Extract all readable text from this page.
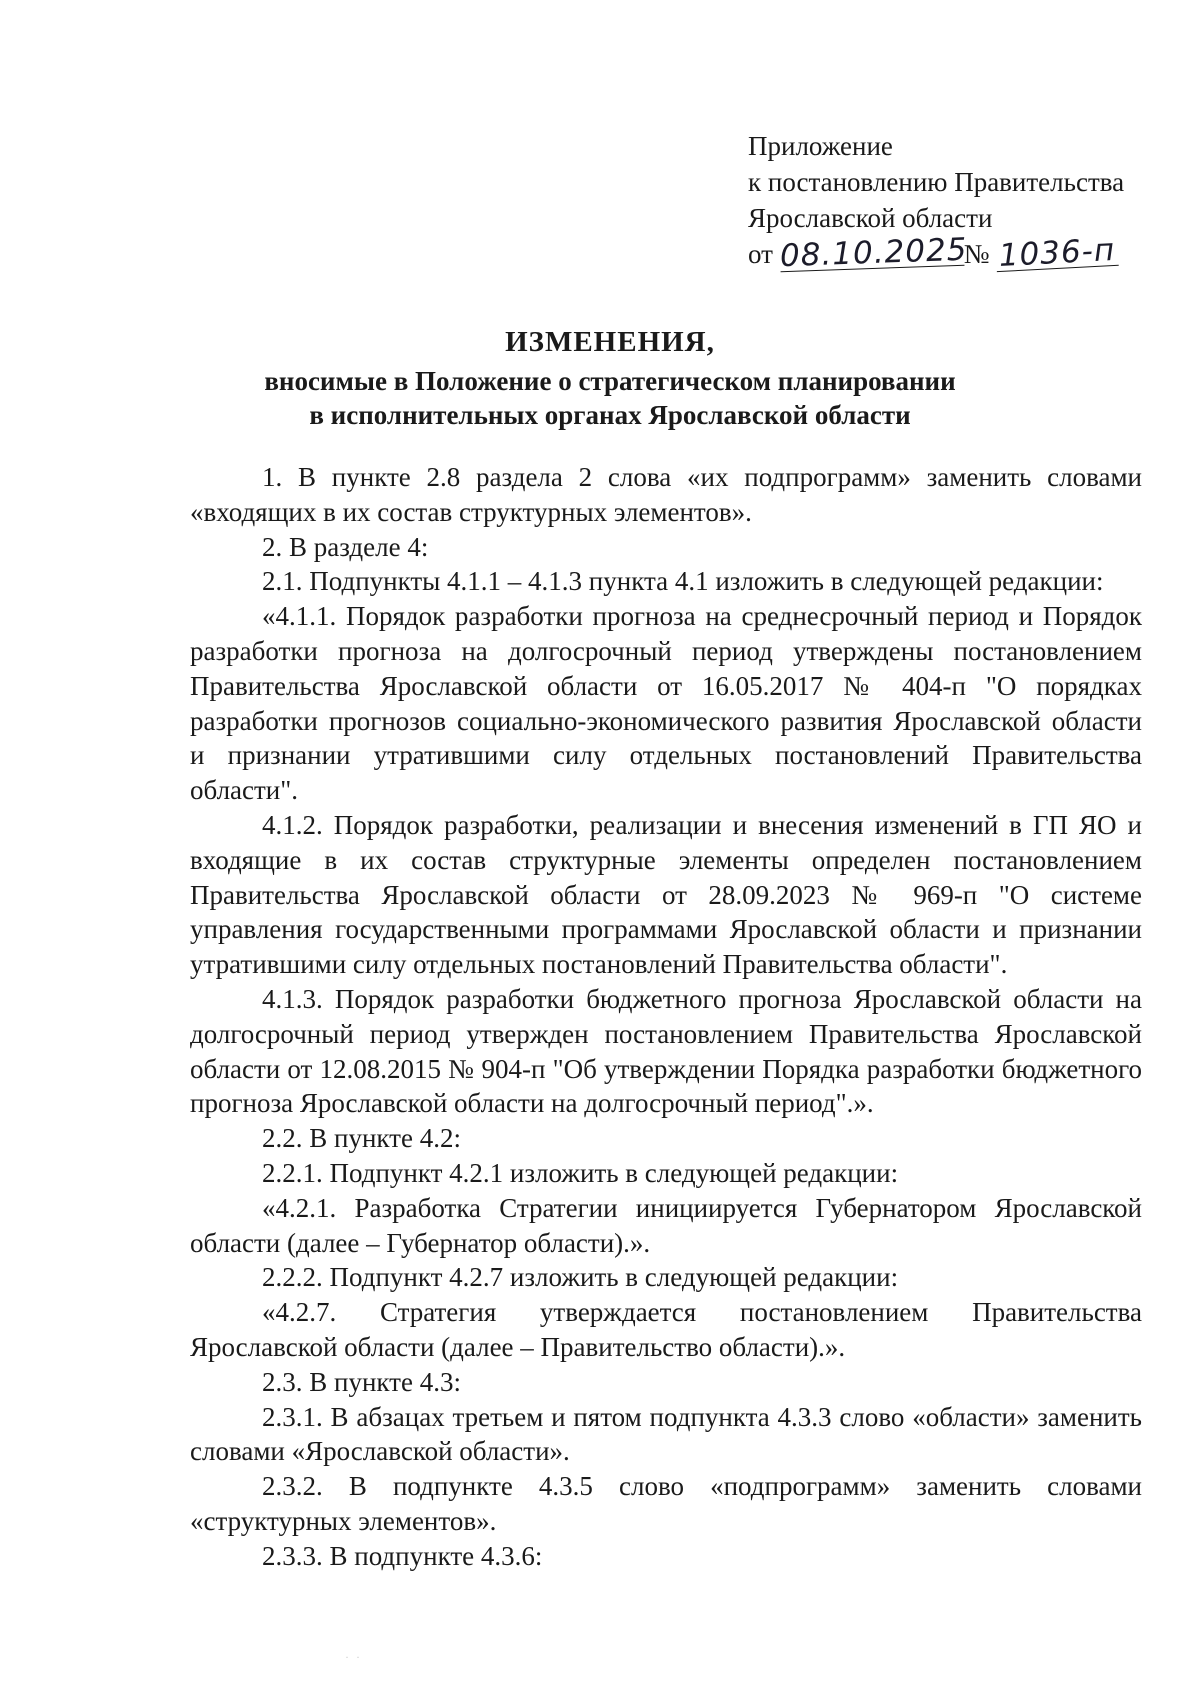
Приложение
к постановлению Правительства
Ярославской области
от 08.10.2025№ 1036-п
ИЗМЕНЕНИЯ,
вносимые в Положение о стратегическом планировании
в исполнительных органах Ярославской области

1. В пункте 2.8 раздела 2 слова «их подпрограмм» заменить словами «входящих в их состав структурных элементов».

2. В разделе 4:

2.1. Подпункты 4.1.1 – 4.1.3 пункта 4.1 изложить в следующей редакции:

«4.1.1. Порядок разработки прогноза на среднесрочный период и Порядок разработки прогноза на долгосрочный период утверждены постановлением Правительства Ярославской области от 16.05.2017 № 404-п "О порядках разработки прогнозов социально-экономического развития Ярославской области и признании утратившими силу отдельных постановлений Правительства области".

4.1.2. Порядок разработки, реализации и внесения изменений в ГП ЯО и входящие в их состав структурные элементы определен постановлением Правительства Ярославской области от 28.09.2023 № 969-п "О системе управления государственными программами Ярославской области и признании утратившими силу отдельных постановлений Правительства области".

4.1.3. Порядок разработки бюджетного прогноза Ярославской области на долгосрочный период утвержден постановлением Правительства Ярославской области от 12.08.2015 № 904-п "Об утверждении Порядка разработки бюджетного прогноза Ярославской области на долгосрочный период".».

2.2. В пункте 4.2:

2.2.1. Подпункт 4.2.1 изложить в следующей редакции:

«4.2.1. Разработка Стратегии инициируется Губернатором Ярославской области (далее – Губернатор области).».

2.2.2. Подпункт 4.2.7 изложить в следующей редакции:

«4.2.7. Стратегия утверждается постановлением Правительства Ярославской области (далее – Правительство области).».

2.3. В пункте 4.3:

2.3.1. В абзацах третьем и пятом подпункта 4.3.3 слово «области» заменить словами «Ярославской области».

2.3.2. В подпункте 4.3.5 слово «подпрограмм» заменить словами «структурных элементов».

2.3.3. В подпункте 4.3.6:

· ·
